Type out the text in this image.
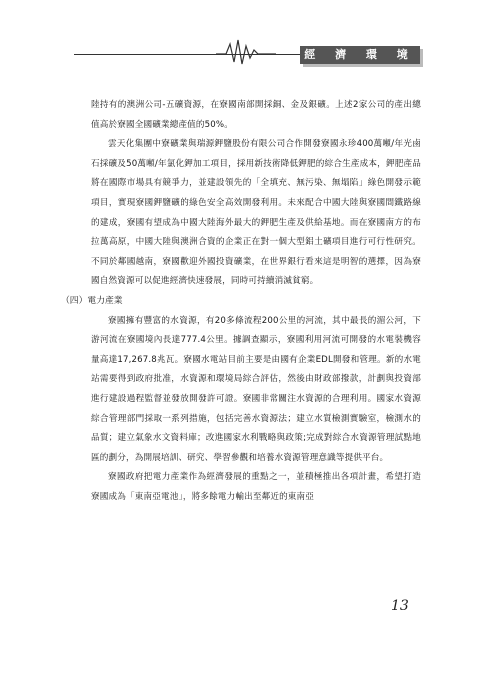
經 濟 環 境

陸持有的澳洲公司-五礦資源，在寮國南部開採銅、金及銀礦。上述2家公司的產出總值高於寮國全國礦業總產值的50%。

雲天化集團中寮礦業與瑞源鉀鹽股份有限公司合作開發寮國永珍400萬噸/年光鹵石採礦及50萬噸/年氯化鉀加工項目，採用新技術降低鉀肥的綜合生產成本，鉀肥產品將在國際市場具有競爭力，並建設領先的「全填充、無污染、無塌陷」綠色開發示範項目，實現寮國鉀鹽礦的綠色安全高效開發利用。未來配合中國大陸與寮國間鐵路線的建成，寮國有望成為中國大陸海外最大的鉀肥生產及供給基地。而在寮國南方的布拉萬高原，中國大陸與澳洲合資的企業正在對一個大型鋁土礦項目進行可行性研究。不同於鄰國越南，寮國歡迎外國投資礦業，在世界銀行看來這是明智的選擇，因為寮國自然資源可以促進經濟快速發展，同時可持續消滅貧窮。

（四）電力產業

寮國擁有豐富的水資源，有20多條流程200公里的河流，其中最長的湄公河，下游河流在寮國境內長達777.4公里。據調查顯示，寮國利用河流可開發的水電裝機容量高達17,267.8兆瓦。寮國水電站目前主要是由國有企業EDL開發和管理。新的水電站需要得到政府批准，水資源和環境局綜合評估，然後由財政部撥款，計劃與投資部進行建設過程監督並發放開發許可證。寮國非常關注水資源的合理利用。國家水資源綜合管理部門採取一系列措施，包括完善水資源法；建立水質檢測實驗室，檢測水的品質；建立氣象水文資料庫；改進國家水利戰略與政策;完成對綜合水資源管理試點地區的劃分，為開展培訓、研究、學習參觀和培養水資源管理意識等提供平台。

寮國政府把電力產業作為經濟發展的重點之一，並積極推出各項計畫，希望打造寮國成為「東南亞電池」，將多餘電力輸出至鄰近的東南亞

13
